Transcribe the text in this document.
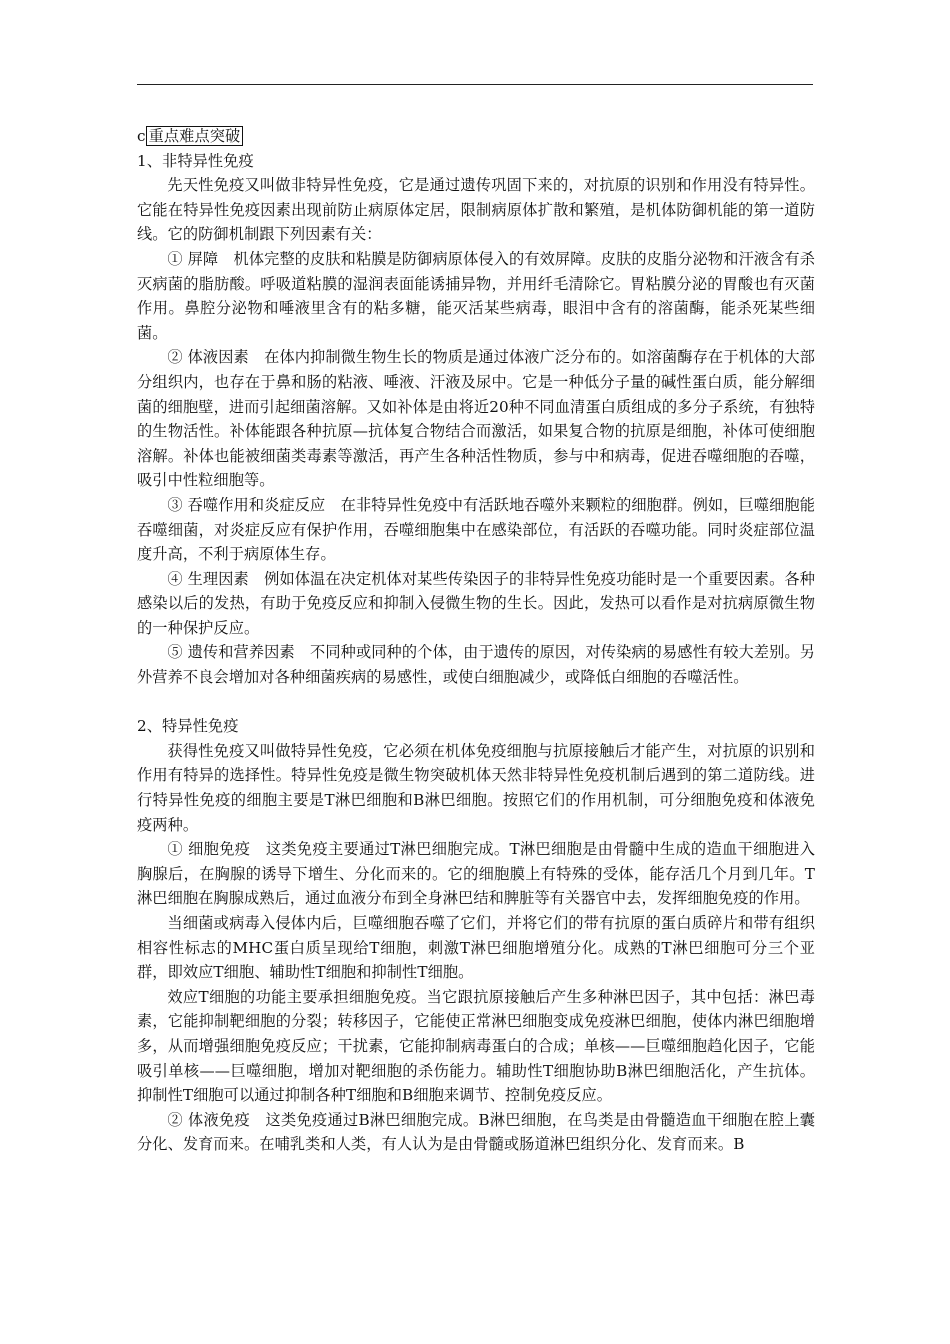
c 重点难点突破

1、非特异性免疫

先天性免疫又叫做非特异性免疫，它是通过遗传巩固下来的，对抗原的识别和作用没有特异性。它能在特异性免疫因素出现前防止病原体定居，限制病原体扩散和繁殖，是机体防御机能的第一道防线。它的防御机制跟下列因素有关：

① 屏障　机体完整的皮肤和粘膜是防御病原体侵入的有效屏障。皮肤的皮脂分泌物和汗液含有杀灭病菌的脂肪酸。呼吸道粘膜的湿润表面能诱捕异物，并用纤毛清除它。胃粘膜分泌的胃酸也有灭菌作用。鼻腔分泌物和唾液里含有的粘多糖，能灭活某些病毒，眼泪中含有的溶菌酶，能杀死某些细菌。

② 体液因素　在体内抑制微生物生长的物质是通过体液广泛分布的。如溶菌酶存在于机体的大部分组织内，也存在于鼻和肠的粘液、唾液、汗液及尿中。它是一种低分子量的碱性蛋白质，能分解细菌的细胞壁，进而引起细菌溶解。又如补体是由将近20种不同血清蛋白质组成的多分子系统，有独特的生物活性。补体能跟各种抗原—抗体复合物结合而激活，如果复合物的抗原是细胞，补体可使细胞溶解。补体也能被细菌类毒素等激活，再产生各种活性物质，参与中和病毒，促进吞噬细胞的吞噬，吸引中性粒细胞等。

③ 吞噬作用和炎症反应　在非特异性免疫中有活跃地吞噬外来颗粒的细胞群。例如，巨噬细胞能吞噬细菌，对炎症反应有保护作用，吞噬细胞集中在感染部位，有活跃的吞噬功能。同时炎症部位温度升高，不利于病原体生存。

④ 生理因素　例如体温在决定机体对某些传染因子的非特异性免疫功能时是一个重要因素。各种感染以后的发热，有助于免疫反应和抑制入侵微生物的生长。因此，发热可以看作是对抗病原微生物的一种保护反应。

⑤ 遗传和营养因素　不同种或同种的个体，由于遗传的原因，对传染病的易感性有较大差别。另外营养不良会增加对各种细菌疾病的易感性，或使白细胞减少，或降低白细胞的吞噬活性。

2、特异性免疫

获得性免疫又叫做特异性免疫，它必须在机体免疫细胞与抗原接触后才能产生，对抗原的识别和作用有特异的选择性。特异性免疫是微生物突破机体天然非特异性免疫机制后遇到的第二道防线。进行特异性免疫的细胞主要是T淋巴细胞和B淋巴细胞。按照它们的作用机制，可分细胞免疫和体液免疫两种。

① 细胞免疫　这类免疫主要通过T淋巴细胞完成。T淋巴细胞是由骨髓中生成的造血干细胞进入胸腺后，在胸腺的诱导下增生、分化而来的。它的细胞膜上有特殊的受体，能存活几个月到几年。T淋巴细胞在胸腺成熟后，通过血液分布到全身淋巴结和脾脏等有关器官中去，发挥细胞免疫的作用。

当细菌或病毒入侵体内后，巨噬细胞吞噬了它们，并将它们的带有抗原的蛋白质碎片和带有组织相容性标志的MHC蛋白质呈现给T细胞，刺激T淋巴细胞增殖分化。成熟的T淋巴细胞可分三个亚群，即效应T细胞、辅助性T细胞和抑制性T细胞。

效应T细胞的功能主要承担细胞免疫。当它跟抗原接触后产生多种淋巴因子，其中包括：淋巴毒素，它能抑制靶细胞的分裂；转移因子，它能使正常淋巴细胞变成免疫淋巴细胞，使体内淋巴细胞增多，从而增强细胞免疫反应；干扰素，它能抑制病毒蛋白的合成；单核——巨噬细胞趋化因子，它能吸引单核——巨噬细胞，增加对靶细胞的杀伤能力。辅助性T细胞协助B淋巴细胞活化，产生抗体。抑制性T细胞可以通过抑制各种T细胞和B细胞来调节、控制免疫反应。

② 体液免疫　这类免疫通过B淋巴细胞完成。B淋巴细胞，在鸟类是由骨髓造血干细胞在腔上囊分化、发育而来。在哺乳类和人类，有人认为是由骨髓或肠道淋巴组织分化、发育而来。B
